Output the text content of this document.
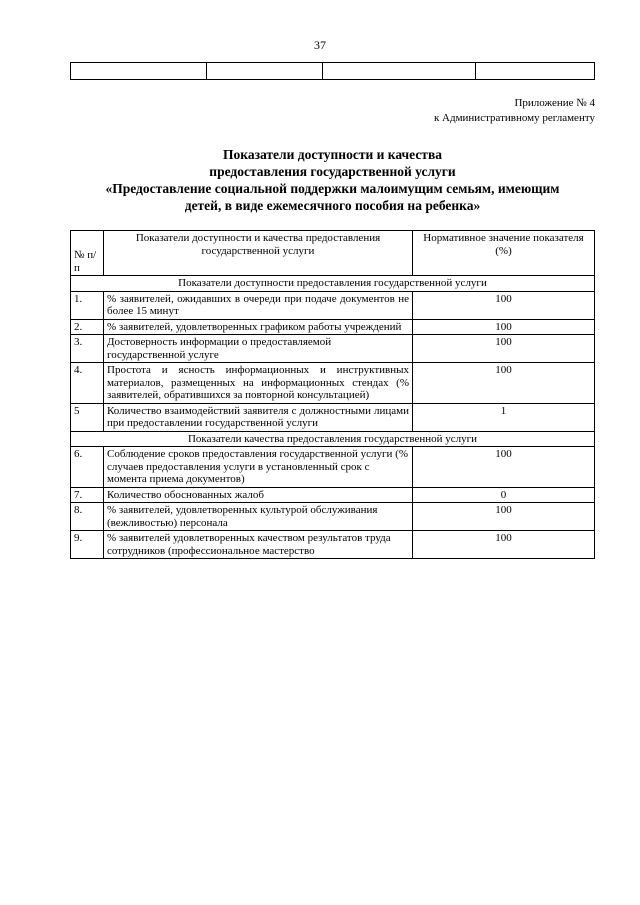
37

Приложение № 4
к Административному регламенту
Показатели доступности и качества
предоставления государственной услуги
«Предоставление социальной поддержки малоимущим семьям, имеющим
детей, в виде ежемесячного пособия на ребенка»
№ п/п	Показатели доступности и качества предоставления государственной услуги	Нормативное значение показателя (%)
Показатели доступности предоставления государственной услуги		
1.	% заявителей, ожидавших в очереди при подаче документов не более 15 минут	100
2.	% заявителей, удовлетворенных графиком работы учреждений	100
3.	Достоверность информации о предоставляемой государственной услуге	100
4.	Простота и ясность информационных и инструктивных материалов, размещенных на информационных стендах (% заявителей, обратившихся за повторной консультацией)	100
5	Количество взаимодействий заявителя с должностными лицами при предоставлении государственной услуги	1
Показатели качества предоставления государственной услуги		
6.	Соблюдение сроков предоставления государственной услуги (% случаев предоставления услуги в установленный срок с момента приема документов)	100
7.	Количество обоснованных жалоб	0
8.	% заявителей, удовлетворенных культурой обслуживания (вежливостью) персонала	100
9.	% заявителей удовлетворенных качеством результатов труда сотрудников (профессиональное мастерство	100
